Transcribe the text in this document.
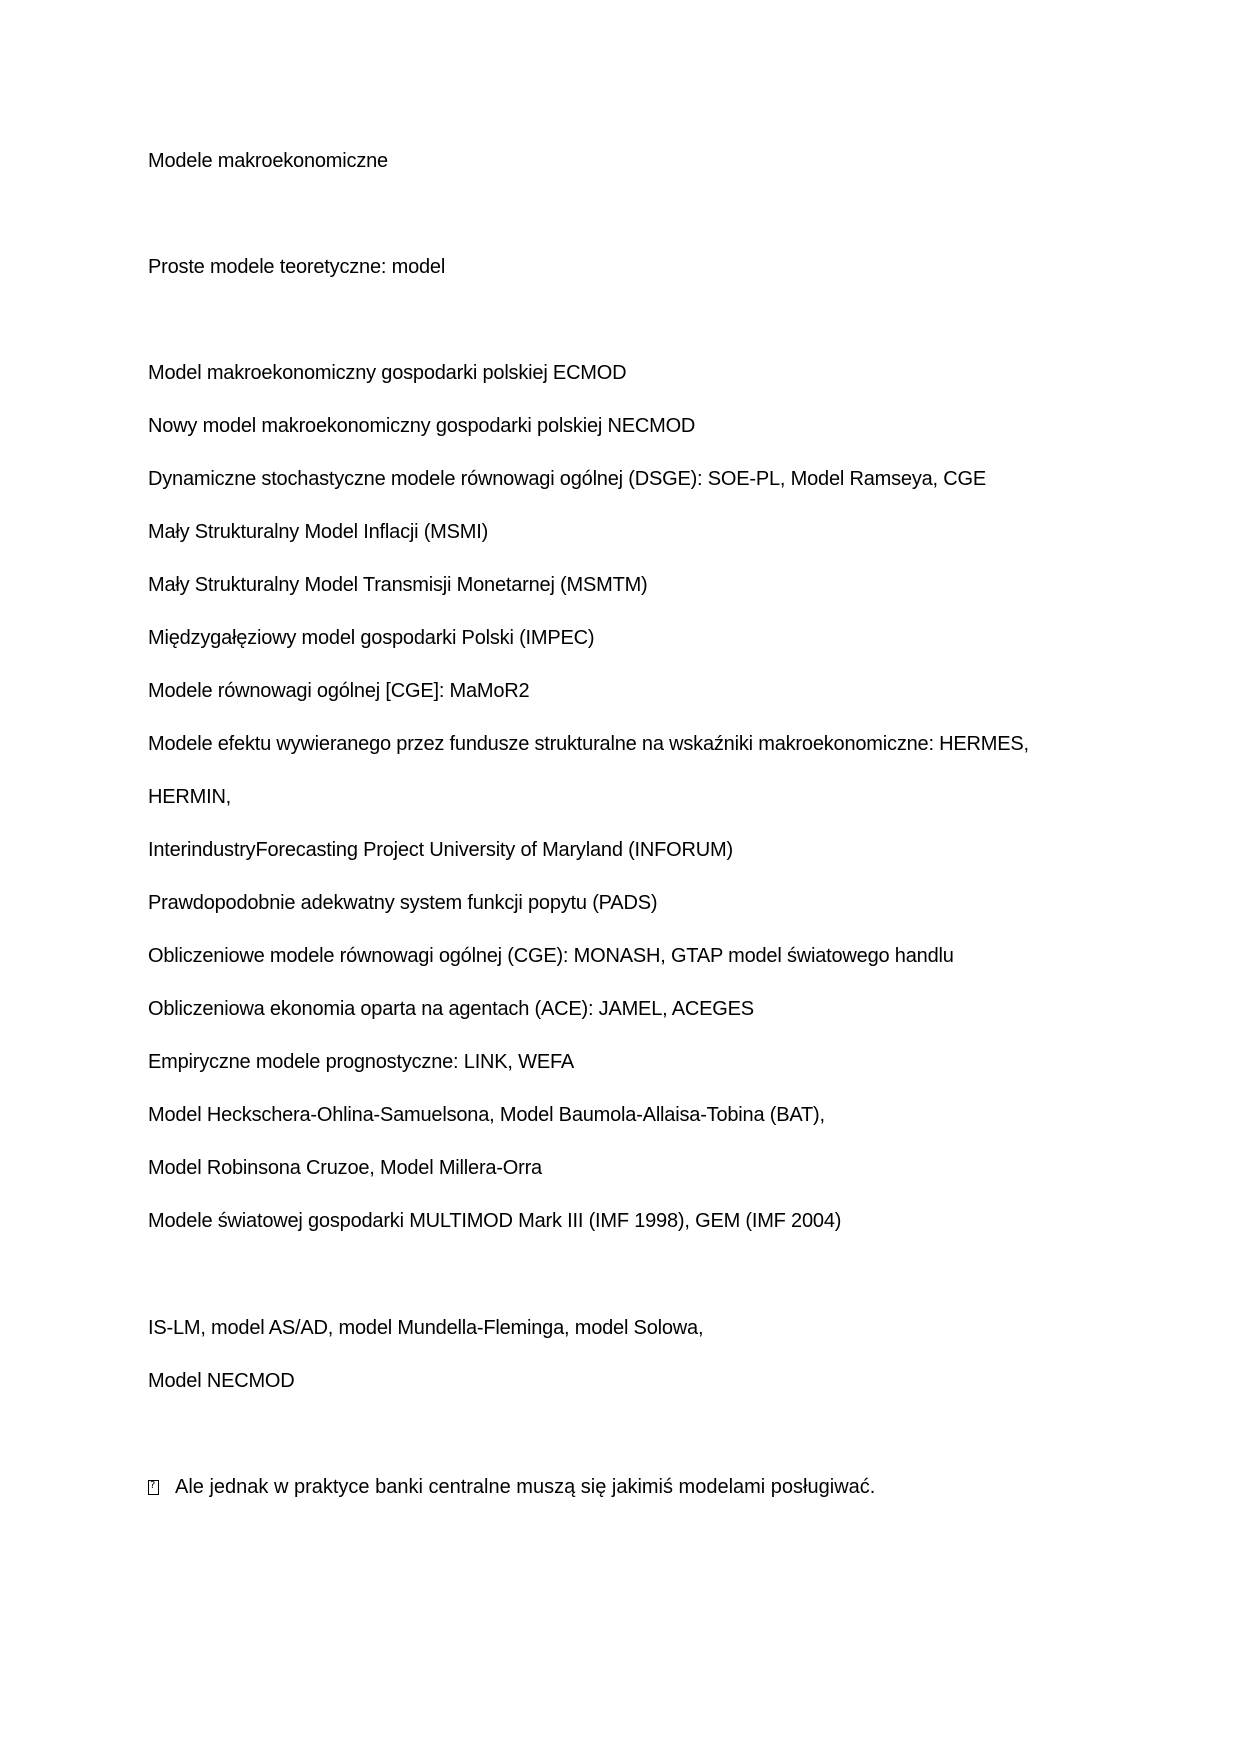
Modele makroekonomiczne
Proste modele teoretyczne: model
Model makroekonomiczny gospodarki polskiej ECMOD
Nowy model makroekonomiczny gospodarki polskiej NECMOD
Dynamiczne stochastyczne modele równowagi ogólnej (DSGE): SOE-PL, Model Ramseya, CGE
Mały Strukturalny Model Inflacji (MSMI)
Mały Strukturalny Model Transmisji Monetarnej (MSMTM)
Międzygałęziowy model gospodarki Polski (IMPEC)
Modele równowagi ogólnej [CGE]: MaMoR2
Modele efektu wywieranego przez fundusze strukturalne na wskaźniki makroekonomiczne: HERMES,
HERMIN,
InterindustryForecasting Project University of Maryland (INFORUM)
Prawdopodobnie adekwatny system funkcji popytu (PADS)
Obliczeniowe modele równowagi ogólnej (CGE): MONASH, GTAP model światowego handlu
Obliczeniowa ekonomia oparta na agentach (ACE): JAMEL, ACEGES
Empiryczne modele prognostyczne: LINK, WEFA
Model Heckschera-Ohlina-Samuelsona, Model Baumola-Allaisa-Tobina (BAT),
Model Robinsona Cruzoe, Model Millera-Orra
Modele światowej gospodarki MULTIMOD Mark III (IMF 1998), GEM (IMF 2004)
IS-LM, model AS/AD, model Mundella-Fleminga, model Solowa,
Model NECMOD
?
Ale jednak w praktyce banki centralne muszą się jakimiś modelami posługiwać.
